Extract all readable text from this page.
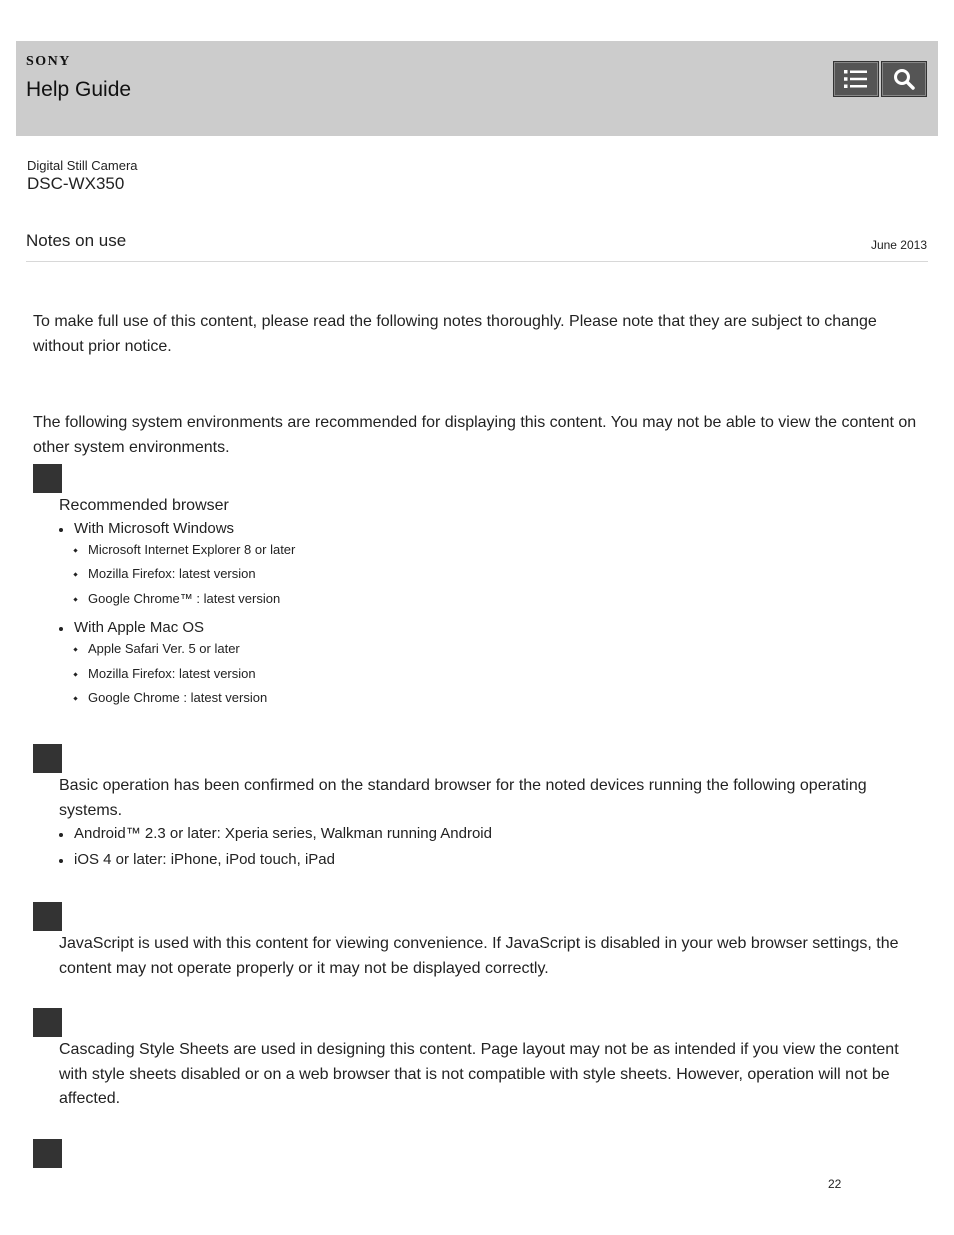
SONY
Help Guide
Digital Still Camera
DSC-WX350
Notes on use	June 2013
To make full use of this content, please read the following notes thoroughly. Please note that they are subject to change without prior notice.
The following system environments are recommended for displaying this content. You may not be able to view the content on other system environments.
Recommended browser
With Microsoft Windows
Microsoft Internet Explorer 8 or later
Mozilla Firefox: latest version
Google Chrome™ : latest version
With Apple Mac OS
Apple Safari Ver. 5 or later
Mozilla Firefox: latest version
Google Chrome : latest version
Basic operation has been confirmed on the standard browser for the noted devices running the following operating systems.
Android™ 2.3 or later: Xperia series, Walkman running Android
iOS 4 or later: iPhone, iPod touch, iPad
JavaScript is used with this content for viewing convenience. If JavaScript is disabled in your web browser settings, the content may not operate properly or it may not be displayed correctly.
Cascading Style Sheets are used in designing this content. Page layout may not be as intended if you view the content with style sheets disabled or on a web browser that is not compatible with style sheets. However, operation will not be affected.
22
